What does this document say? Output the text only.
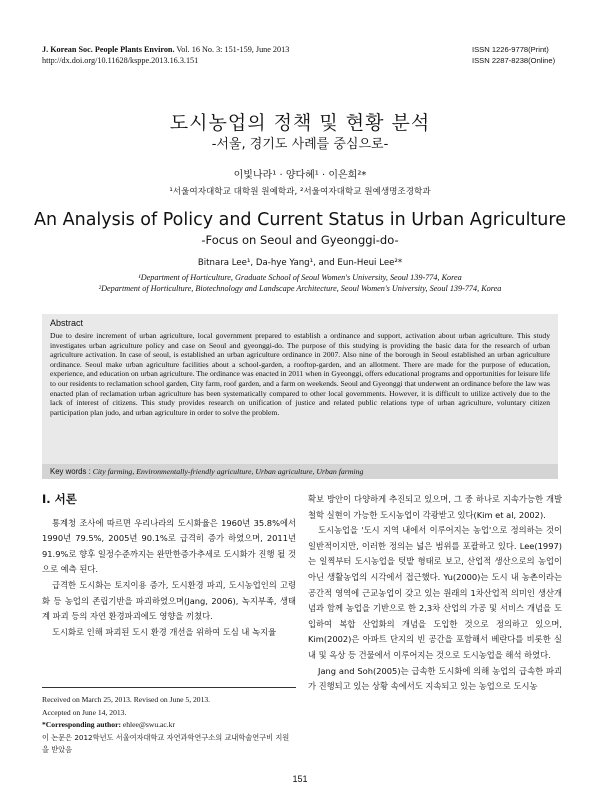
J. Korean Soc. People Plants Environ. Vol. 16 No. 3: 151-159, June 2013
http://dx.doi.org/10.11628/ksppe.2013.16.3.151
ISSN 1226-9778(Print)
ISSN 2287-8238(Online)
도시농업의 정책 및 현황 분석
-서울, 경기도 사례를 중심으로-
이빛나라¹ · 양다혜¹ · 이은희²*
¹서울여자대학교 대학원 원예학과, ²서울여자대학교 원예생명조경학과
An Analysis of Policy and Current Status in Urban Agriculture
-Focus on Seoul and Gyeonggi-do-
Bitnara Lee¹, Da-hye Yang¹, and Eun-Heui Lee²*
¹Department of Horticulture, Graduate School of Seoul Women's University, Seoul 139-774, Korea
²Department of Horticulture, Biotechnology and Landscape Architecture, Seoul Women's University, Seoul 139-774, Korea
Abstract
Due to desire increment of urban agriculture, local government prepared to establish a ordinance and support, activation about urban agriculture. This study investigates urban agriculture policy and case on Seoul and gyeonggi-do. The purpose of this studying is providing the basic data for the research of urban agriculture activation. In case of seoul, is established an urban agriculture ordinance in 2007. Also nine of the borough in Seoul established an urban agriculture ordinance. Seoul make urban agriculture facilities about a school-garden, a rooftop-garden, and an allotment. There are made for the purpose of education, experience, and education on urban agriculture. The ordinance was enacted in 2011 when in Gyeonggi, offers educational programs and opportunities for leisure life to our residents to reclamation school garden, City farm, roof garden, and a farm on weekends. Seoul and Gyeonggi that underwent an ordinance before the law was enacted plan of reclamation urban agriculture has been systematically compared to other local governments. However, it is difficult to utilize actively due to the lack of interest of citizens. This study provides research on unification of justice and related public relations type of urban agriculture, voluntary citizen participation plan judo, and urban agriculture in order to solve the problem.
Key words : City farming, Environmentally-friendly agriculture, Urban agriculture, Urban farming
Ⅰ. 서론

통계청 조사에 따르면 우리나라의 도시화율은 1960년 35.8%에서 1990년 79.5%, 2005년 90.1%로 급격히 증가 하였으며, 2011년 91.9%로 향후 일정수준까지는 완만한증가추세로 도시화가 진행 될 것으로 예측 된다.

급격한 도시화는 토지이용 증가, 도시환경 파괴, 도시농업인의 고령화 등 농업의 존립기반을 파괴하였으며(Jang, 2006), 녹지부족, 생태계 파괴 등의 자연 환경파괴에도 영향을 끼쳤다.

도시화로 인해 파괴된 도시 환경 개선을 위하여 도심 내 녹지율

확보 방안이 다양하게 추진되고 있으며, 그 중 하나로 지속가능한 개발 철학 실현이 가능한 도시농업이 각광받고 있다(Kim et al, 2002).

도시농업을 '도시 지역 내에서 이루어지는 농업'으로 정의하는 것이 일반적이지만, 이러한 정의는 넓은 범위를 포괄하고 있다. Lee(1997)는 일찍부터 도시농업을 텃밭 형태로 보고, 산업적 생산으로의 농업이 아닌 생활농업의 시각에서 접근했다. Yu(2000)는 도시 내 농촌이라는 공간적 영역에 근교농업이 갖고 있는 원래의 1차산업적 의미인 생산개념과 함께 농업을 기반으로 한 2,3차 산업의 가공 및 서비스 개념을 도입하여 복합 산업화의 개념을 도입한 것으로 정의하고 있으며, Kim(2002)은 아파트 단지의 빈 공간을 포함해서 베란다를 비롯한 실내 및 옥상 등 건물에서 이루어지는 것으로 도시농업을 해석 하였다.

Jang and Soh(2005)는 급속한 도시화에 의해 농업의 급속한 파괴가 진행되고 있는 상황 속에서도 지속되고 있는 농업으로 도시농

Received on March 25, 2013. Revised on June 5, 2013.
Accepted on June 14, 2013.
*Corresponding author: ehlee@swu.ac.kr
이 논문은 2012학년도 서울여자대학교 자연과학연구소의 교내학술연구비 지원을 받았음
151
